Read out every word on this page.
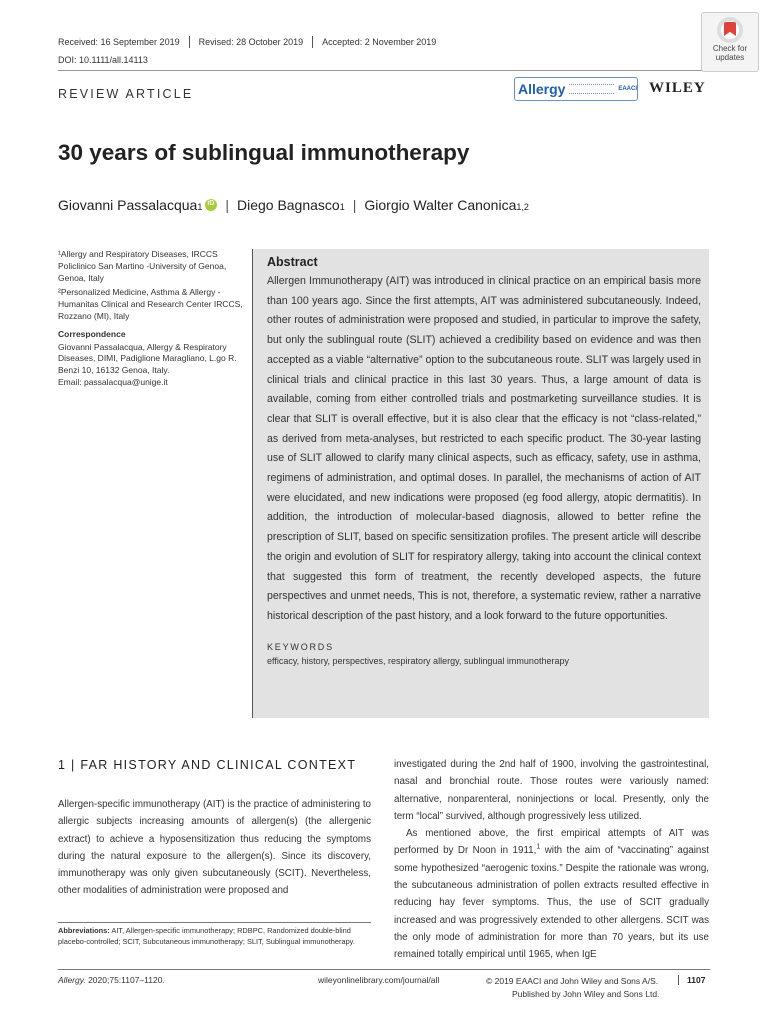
Received: 16 September 2019	Revised: 28 October 2019	Accepted: 2 November 2019
DOI: 10.1111/all.14113
REVIEW ARTICLE
Check for
updates
Allergy	EAACI WILEY
30 years of sublingual immunotherapy
Giovanni Passalacqua 1
iD | Diego Bagnasco 1 | Giorgio Walter Canonica 1,2

¹Allergy and Respiratory Diseases, IRCCS Policlinico San Martino -University of Genoa, Genoa, Italy

²Personalized Medicine, Asthma & Allergy - Humanitas Clinical and Research Center IRCCS, Rozzano (MI), Italy

Correspondence

Giovanni Passalacqua, Allergy & Respiratory Diseases, DIMI, Padiglione Maragliano, L.go R. Benzi 10, 16132 Genoa, Italy.

Email: passalacqua@unige.it

Abstract
Allergen Immunotherapy (AIT) was introduced in clinical practice on an empirical basis more than 100 years ago. Since the first attempts, AIT was administered subcutaneously. Indeed, other routes of administration were proposed and studied, in particular to improve the safety, but only the sublingual route (SLIT) achieved a credibility based on evidence and was then accepted as a viable “alternative” option to the subcutaneous route. SLIT was largely used in clinical trials and clinical practice in this last 30 years. Thus, a large amount of data is available, coming from either controlled trials and postmarketing surveillance studies. It is clear that SLIT is overall effective, but it is also clear that the efficacy is not “class-related,” as derived from meta-analyses, but restricted to each specific product. The 30-year lasting use of SLIT allowed to clarify many clinical aspects, such as efficacy, safety, use in asthma, regimens of administration, and optimal doses. In parallel, the mechanisms of action of AIT were elucidated, and new indications were proposed (eg food allergy, atopic dermatitis). In addition, the introduction of molecular-based diagnosis, allowed to better refine the prescription of SLIT, based on specific sensitization profiles. The present article will describe the origin and evolution of SLIT for respiratory allergy, taking into account the clinical context that suggested this form of treatment, the recently developed aspects, the future perspectives and unmet needs, This is not, therefore, a systematic review, rather a narrative historical description of the past history, and a look forward to the future opportunities.
KEYWORDS
efficacy, history, perspectives, respiratory allergy, sublingual immunotherapy
1 | FAR HISTORY AND CLINICAL CONTEXT

Allergen-specific immunotherapy (AIT) is the practice of administering to allergic subjects increasing amounts of allergen(s) (the allergenic extract) to achieve a hyposensitization thus reducing the symptoms during the natural exposure to the allergen(s). Since its discovery, immunotherapy was only given subcutaneously (SCIT). Nevertheless, other modalities of administration were proposed and

Abbreviations: AIT, Allergen-specific immunotherapy; RDBPC, Randomized double-blind placebo-controlled; SCIT, Subcutaneous immunotherapy; SLIT, Sublingual immunotherapy.

investigated during the 2nd half of 1900, involving the gastrointestinal, nasal and bronchial route. Those routes were variously named: alternative, nonparenteral, noninjections or local. Presently, only the term “local” survived, although progressively less utilized.

As mentioned above, the first empirical attempts of AIT was performed by Dr Noon in 1911,$^1$ with the aim of “vaccinating” against some hypothesized “aerogenic toxins.” Despite the rationale was wrong, the subcutaneous administration of pollen extracts resulted effective in reducing hay fever symptoms. Thus, the use of SCIT gradually increased and was progressively extended to other allergens. SCIT was the only mode of administration for more than 70 years, but its use remained totally empirical until 1965, when IgE

Allergy. 2020;75:1107–1120.	wileyonlinelibrary.com/journal/all	© 2019 EAACI and John Wiley and Sons A/S.
Published by John Wiley and Sons Ltd.
1107
